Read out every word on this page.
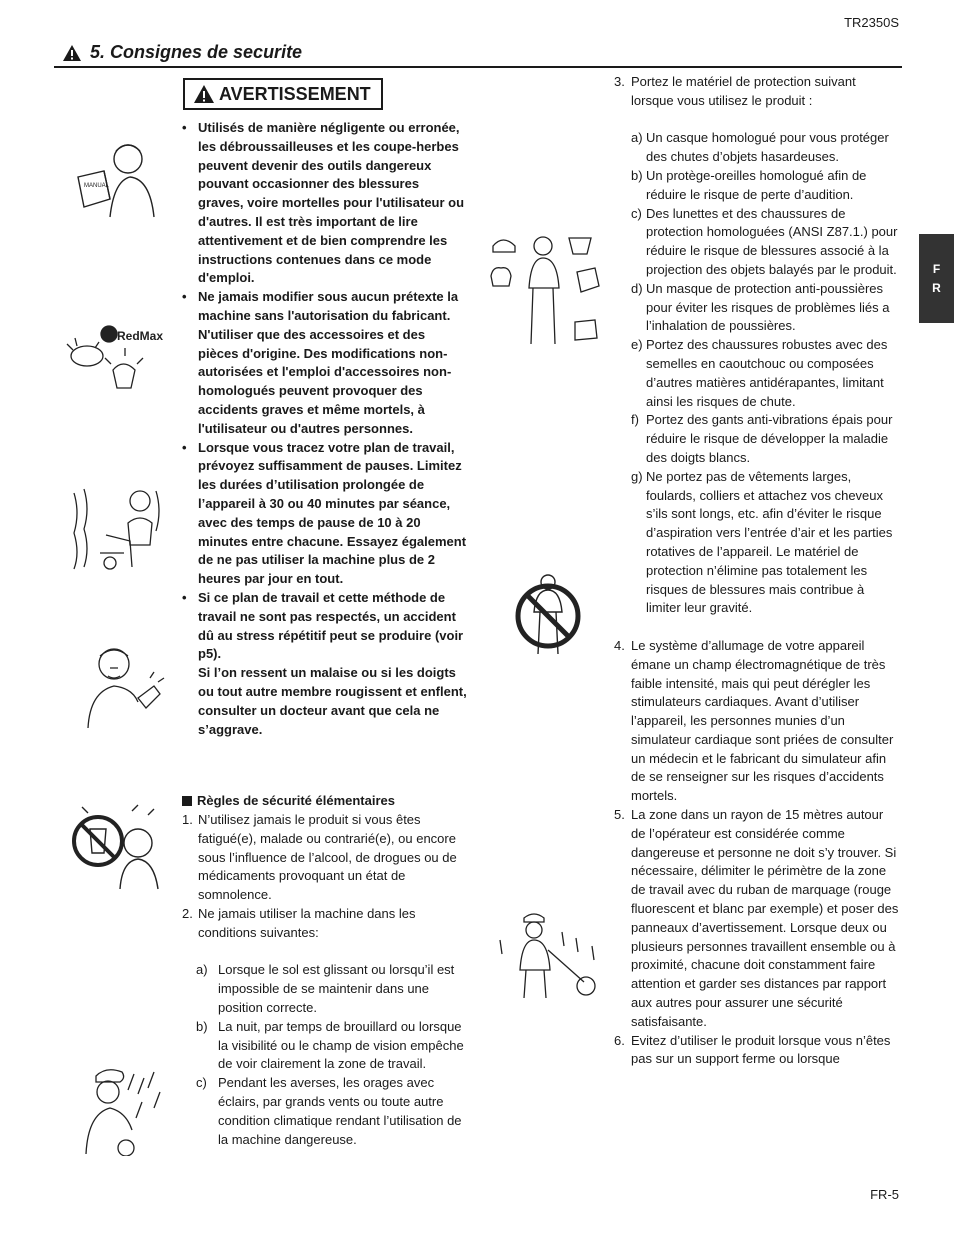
TR2350S
5. Consignes de securite
F
R
AVERTISSEMENT
• Utilisés de manière négligente ou erronée, les débroussailleuses et les coupe-herbes peuvent devenir des outils dangereux pouvant occasionner des blessures graves, voire mortelles pour l'utilisateur ou d'autres. Il est très important de lire attentivement et de bien comprendre les instructions contenues dans ce mode d'emploi.
• Ne jamais modifier sous aucun prétexte la machine sans l'autorisation du fabricant. N'utiliser que des accessoires et des pièces d'origine. Des modifications non-autorisées et l'emploi d'accessoires non-homologués peuvent provoquer des accidents graves et même mortels, à l'utilisateur ou d'autres personnes.
• Lorsque vous tracez votre plan de travail, prévoyez suffisamment de pauses. Limitez les durées d’utilisation prolongée de l’appareil à 30 ou 40 minutes par séance, avec des temps de pause de 10 à 20 minutes entre chacune. Essayez également de ne pas utiliser la machine plus de 2 heures par jour en tout.
• Si ce plan de travail et cette méthode de travail ne sont pas respectés, un accident dû au stress répétitif peut se produire (voir p5).
Si l’on ressent un malaise ou si les doigts ou tout autre membre rougissent et enflent, consulter un docteur avant que cela ne s’aggrave.
Règles de sécurité élémentaires
1. N’utilisez jamais le produit si vous êtes fatigué(e), malade ou contrarié(e), ou encore sous l’influence de l’alcool, de drogues ou de médicaments provoquant un état de somnolence.
2. Ne jamais utiliser la machine dans les conditions suivantes:
a) Lorsque le sol est glissant ou lorsqu’il est impossible de se maintenir dans une position correcte.
b) La nuit, par temps de brouillard ou lorsque la visibilité ou le champ de vision empêche de voir clairement la zone de travail.
c) Pendant les averses, les orages avec éclairs, par grands vents ou toute autre condition climatique rendant l’utilisation de la machine dangereuse.
3. Portez le matériel de protection suivant lorsque vous utilisez le produit :
a) Un casque homologué pour vous protéger des chutes d’objets hasardeuses.
b) Un protège-oreilles homologué afin de réduire le risque de perte d’audition.
c) Des lunettes et des chaussures de protection homologuées (ANSI Z87.1.) pour réduire le risque de blessures associé à la projection des objets balayés par le produit.
d) Un masque de protection anti-poussières pour éviter les risques de problèmes liés a l’inhalation de poussières.
e) Portez des chaussures robustes avec des semelles en caoutchouc ou composées d’autres matières antidérapantes, limitant ainsi les risques de chute.
f) Portez des gants anti-vibrations épais pour réduire le risque de développer la maladie des doigts blancs.
g) Ne portez pas de vêtements larges, foulards, colliers et attachez vos cheveux s’ils sont longs, etc. afin d’éviter le risque d’aspiration vers l’entrée d’air et les parties rotatives de l’appareil. Le matériel de protection n’élimine pas totalement les risques de blessures mais contribue à limiter leur gravité.
4. Le système d’allumage de votre appareil émane un champ électromagnétique de très faible intensité, mais qui peut dérégler les stimulateurs cardiaques. Avant d’utiliser l’appareil, les personnes munies d’un simulateur cardiaque sont priées de consulter un médecin et le fabricant du simulateur afin de se renseigner sur les risques d’accidents mortels.
5. La zone dans un rayon de 15 mètres autour de l’opérateur est considérée comme dangereuse et personne ne doit s’y trouver. Si nécessaire, délimiter le périmètre de la zone de travail avec du ruban de marquage (rouge fluorescent et blanc par exemple) et poser des panneaux d’avertissement. Lorsque deux ou plusieurs personnes travaillent ensemble ou à proximité, chacune doit constamment faire attention et garder ses distances par rapport aux autres pour assurer une sécurité satisfaisante.
6. Evitez d’utiliser le produit lorsque vous n’êtes pas sur un support ferme ou lorsque
MANUAL
RedMax
FR-5
